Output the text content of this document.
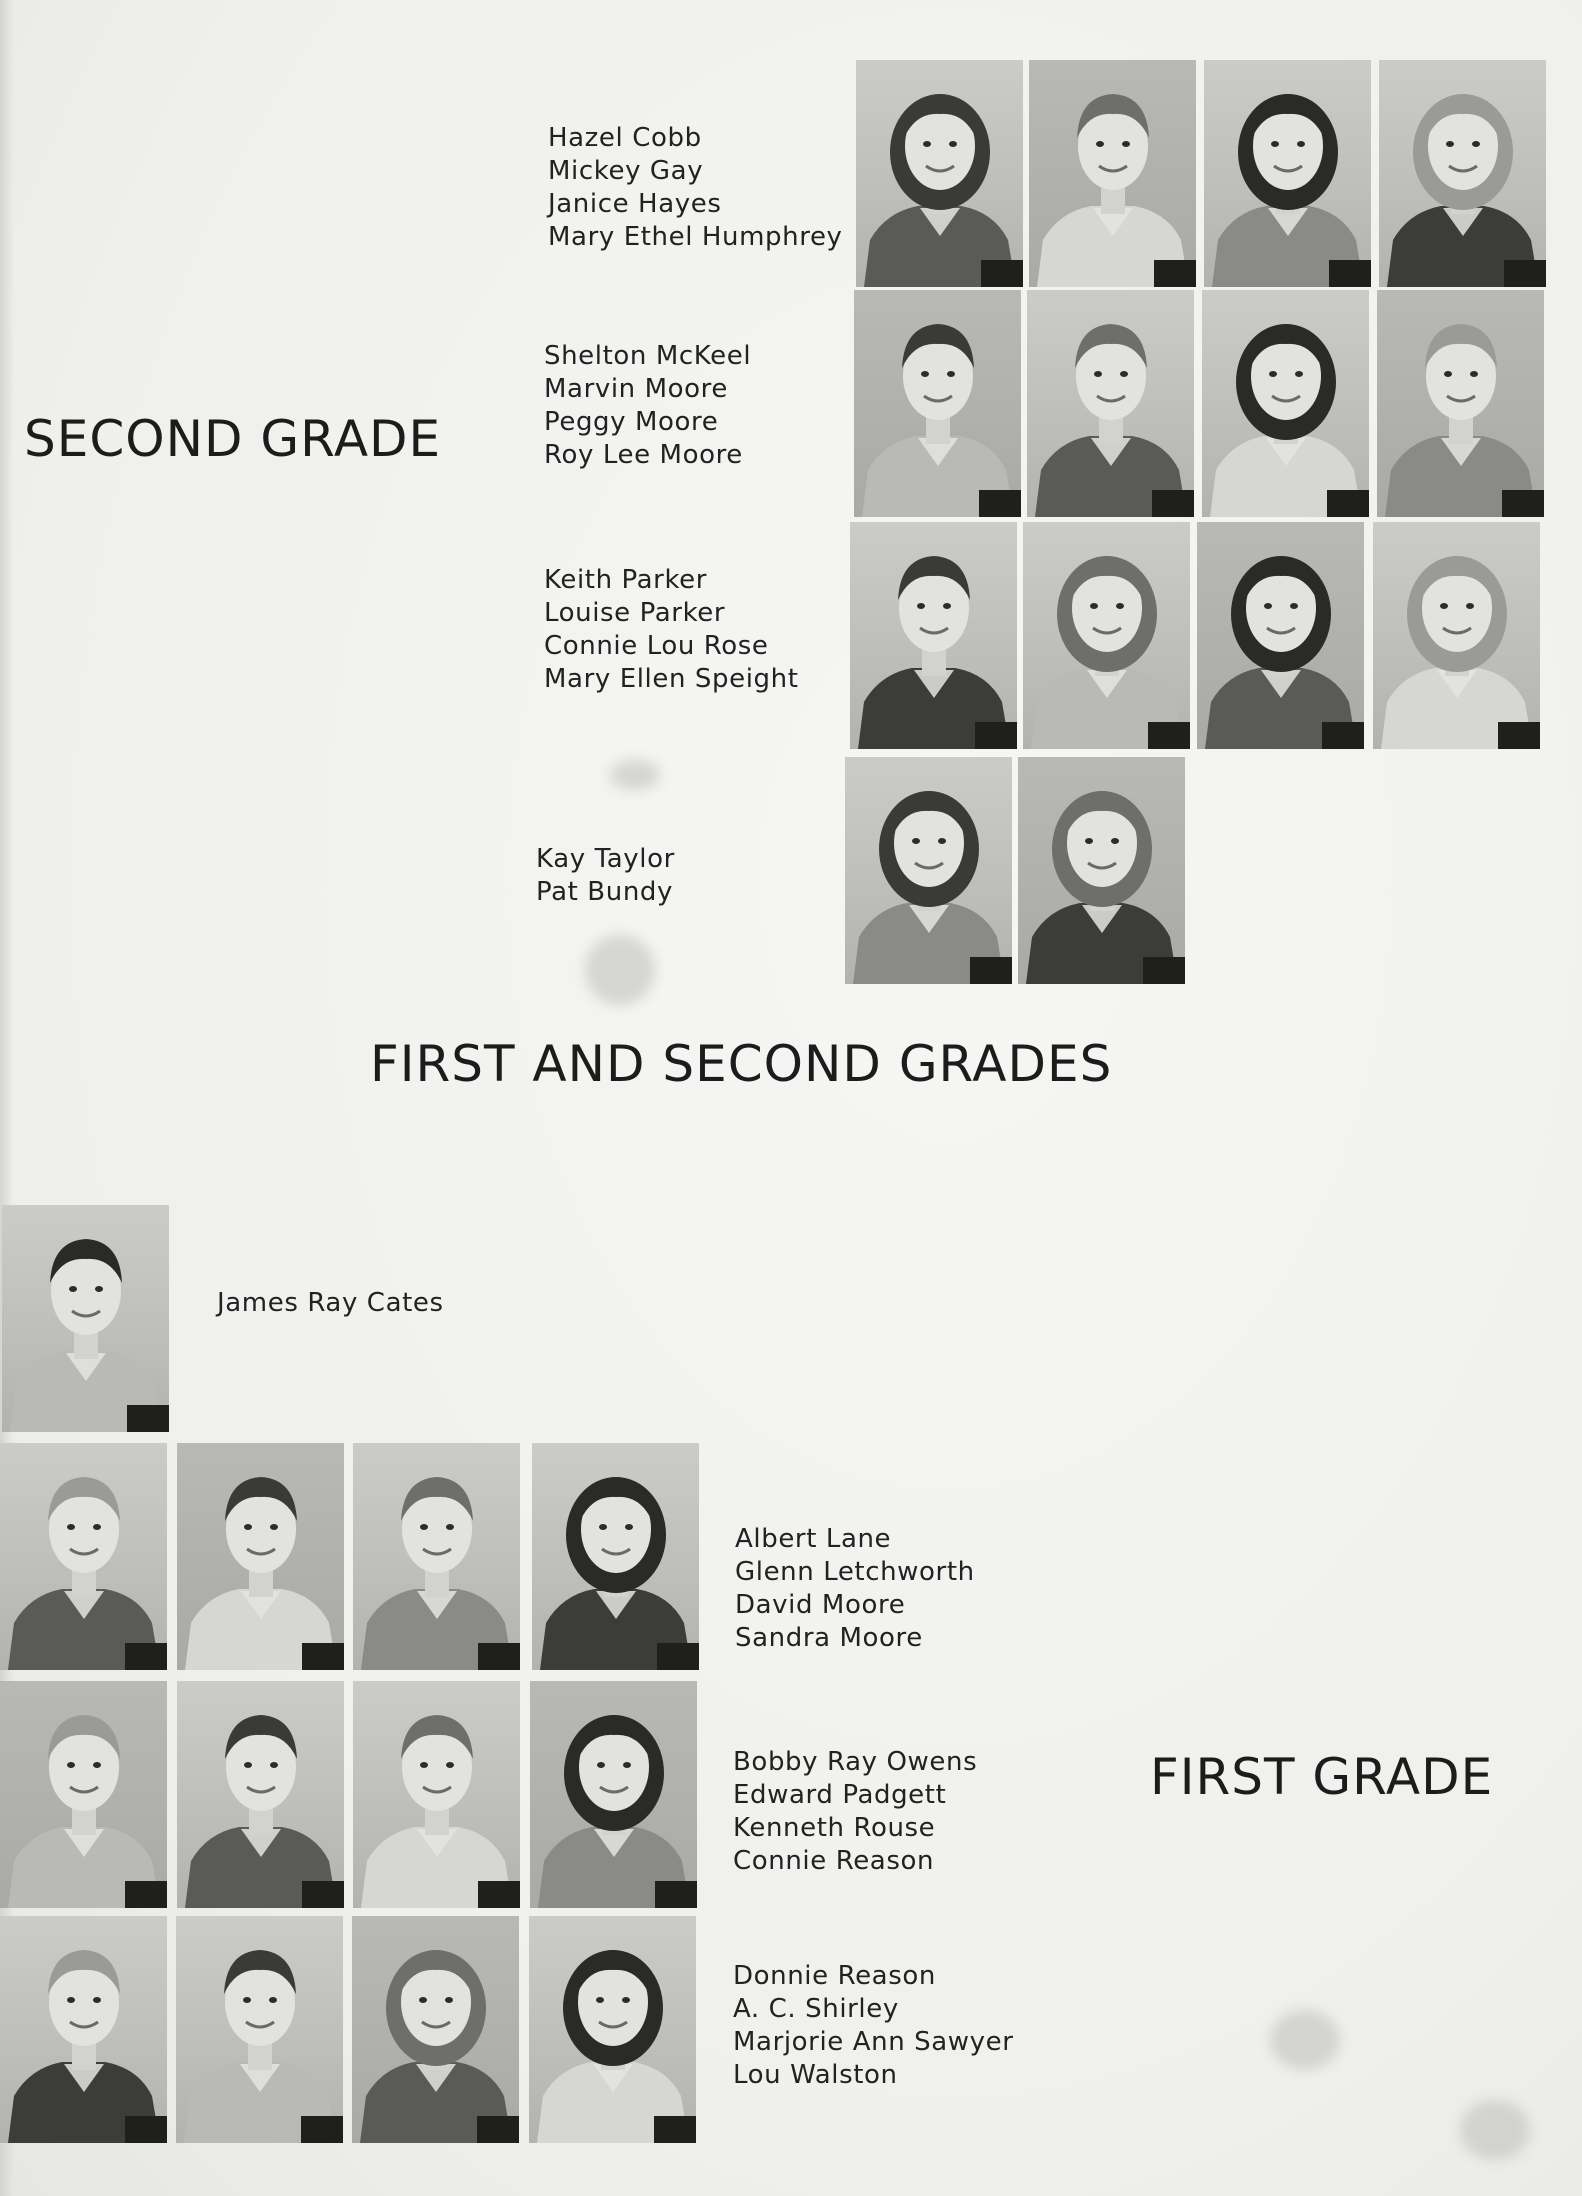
SECOND GRADE
FIRST AND SECOND GRADES
FIRST GRADE
Hazel Cobb
Mickey Gay
Janice Hayes
Mary Ethel Humphrey
Shelton McKeel
Marvin Moore
Peggy Moore
Roy Lee Moore
Keith Parker
Louise Parker
Connie Lou Rose
Mary Ellen Speight
Kay Taylor
Pat Bundy
James Ray Cates
Albert Lane
Glenn Letchworth
David Moore
Sandra Moore
Bobby Ray Owens
Edward Padgett
Kenneth Rouse
Connie Reason
Donnie Reason
A. C. Shirley
Marjorie Ann Sawyer
Lou Walston
